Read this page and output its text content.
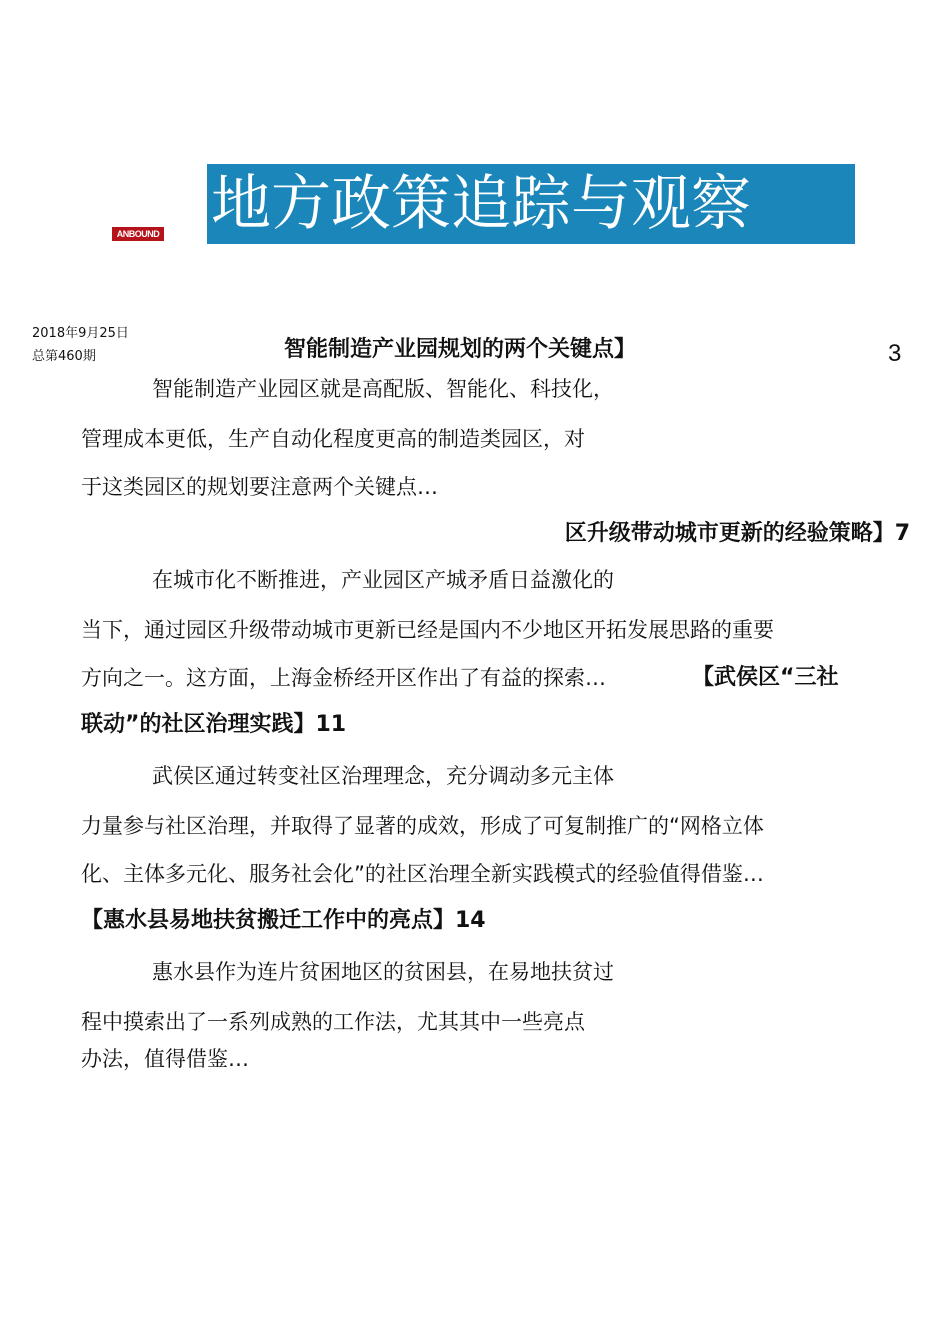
ANBOUND 地方政策追踪与观察
2018年9月25日
总第460期	智能制造产业园规划的两个关键点】	3
智能制造产业园区就是高配版、智能化、科技化，
管理成本更低，生产自动化程度更高的制造类园区，对
于这类园区的规划要注意两个关键点…
区升级带动城市更新的经验策略】7
在城市化不断推进，产业园区产城矛盾日益激化的
当下，通过园区升级带动城市更新已经是国内不少地区开拓发展思路的重要
方向之一。这方面，上海金桥经开区作出了有益的探索…	【武侯区“三社
联动”的社区治理实践】11
武侯区通过转变社区治理理念，充分调动多元主体
力量参与社区治理，并取得了显著的成效，形成了可复制推广的“网格立体
化、主体多元化、服务社会化”的社区治理全新实践模式的经验值得借鉴…
【惠水县易地扶贫搬迁工作中的亮点】14
惠水县作为连片贫困地区的贫困县，在易地扶贫过
程中摸索出了一系列成熟的工作法，尤其其中一些亮点
办法，值得借鉴…
